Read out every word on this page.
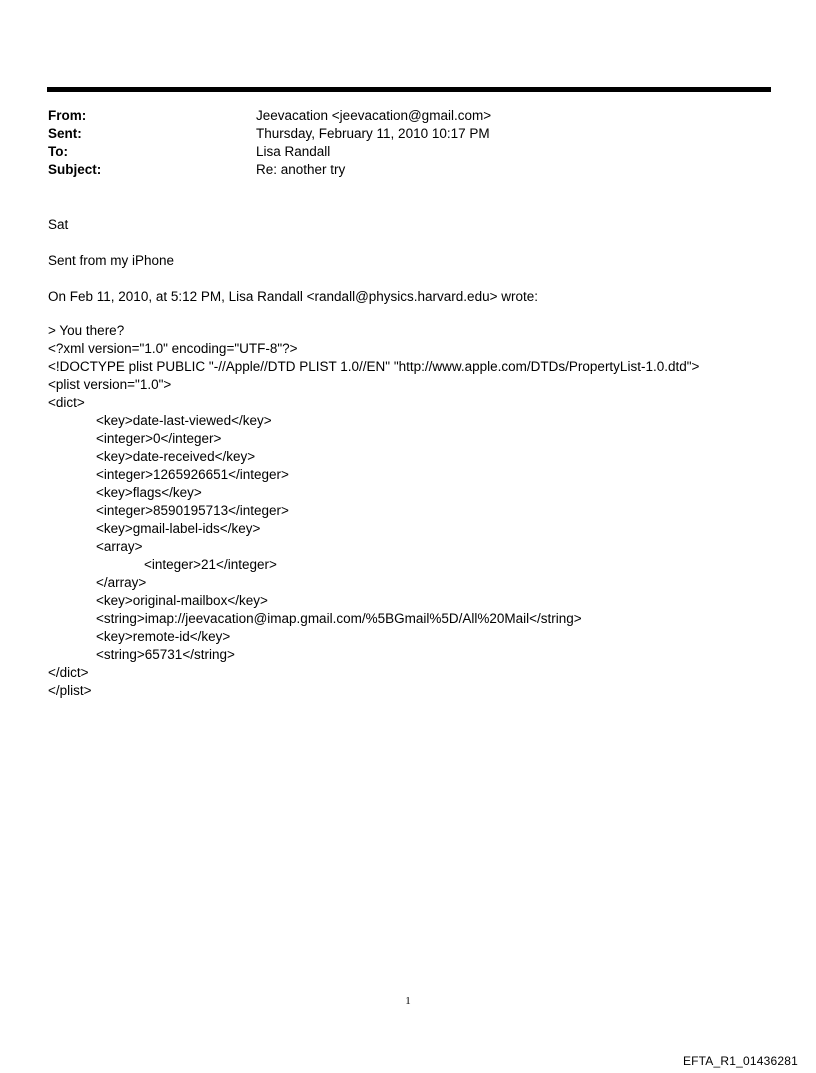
From:	Jeevacation <jeevacation@gmail.com>
Sent:	Thursday, February 11, 2010 10:17 PM
To:	Lisa Randall
Subject:	Re: another try
Sat
Sent from my iPhone
On Feb 11, 2010, at 5:12 PM, Lisa Randall <randall@physics.harvard.edu> wrote:
> You there?
<?xml version="1.0" encoding="UTF-8"?>
<!DOCTYPE plist PUBLIC "-//Apple//DTD PLIST 1.0//EN" "http://www.apple.com/DTDs/PropertyList-1.0.dtd">
<plist version="1.0">
<dict>
<key>date-last-viewed</key>
<integer>0</integer>
<key>date-received</key>
<integer>1265926651</integer>
<key>flags</key>
<integer>8590195713</integer>
<key>gmail-label-ids</key>
<array>
<integer>21</integer>
</array>
<key>original-mailbox</key>
<string>imap://jeevacation@imap.gmail.com/%5BGmail%5D/All%20Mail</string>
<key>remote-id</key>
<string>65731</string>
</dict>
</plist>
1
EFTA_R1_01436281
